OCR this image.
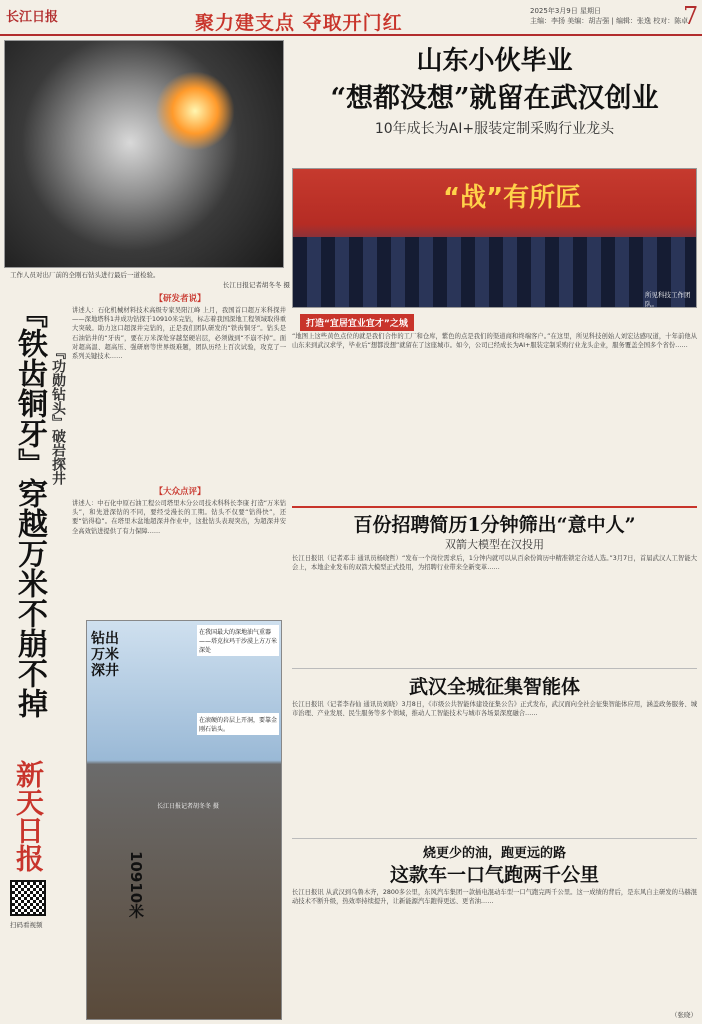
长江日报	聚力建支点 夺取开门红
2025年3月9日 星期日
主编：李扬 美编：胡吉强 | 编辑：张逸 校对：陈卓
7
工作人员对出厂前的全刚石钻头进行最后一道检验。
长江日报记者胡冬冬 摄
『铁齿铜牙』穿越万米不崩不掉 『功勋钻头』破岩探井
【研发者说】
讲述人：石化机械材料技术高级专家吴阳江峰 上月，我国首口超万米科探井——深地塔科1井成功钻探于10910米完钻，标志着我国深地工程领域取得重大突破。助力这口超深井完钻的，正是我们团队研发的“铁齿铜牙”。钻头是石油钻井的“牙齿”，要在万米深处穿越坚硬岩层，必须做到“不崩不掉”。面对超高温、超高压、强研磨等世界级难题，团队历经上百次试验，攻克了一系列关键技术……
【大众点评】
讲述人：中石化中原石油工程公司塔里木分公司技术科科长李康 打造“万米钻头”，和先进深钻的不同，要经受漫长的工期。钻头不仅要“钻得快”，还要“钻得稳”。在塔里木盆地超深井作业中，这批钻头表现突出，为超深井安全高效钻进提供了有力保障……
钻出万米深井
在我国最大的深地油气重器——塔克拉玛干沙漠上方万米深处
在滚硬的岩层上开洞，要靠金刚石钻头。
长江日报记者胡冬冬 摄
10910米
新天日报
扫码看视频
山东小伙毕业
“想都没想”就留在武汉创业
10年成长为AI+服装定制采购行业龙头
“战”有所匠
所见科技工作团队。
打造“宜居宜业宜才”之城
“地图上这些黄色点位的就是我们合作的工厂和仓库，紫色的点是我们的渠道商和终端客户。”在这里，所见科技创始人刘宏达感叹道，十年前他从山东来到武汉求学，毕业后“想都没想”就留在了这座城市。如今，公司已经成长为AI+服装定制采购行业龙头企业，服务覆盖全国多个省份……
百份招聘简历1分钟筛出“意中人”
双箭大模型在汉投用
长江日报讯（记者邓丰 通讯员杨晓哲）“发布一个岗位需求后，1分钟内就可以从百余份简历中精准锁定合适人选。”3月7日，首届武汉人工智能大会上，本地企业发布的双箭大模型正式投用，为招聘行业带来全新变革……
武汉全城征集智能体
长江日报讯（记者李春仙 通讯员刘晓）3月8日，《市级公共智能体建设征集公告》正式发布，武汉面向全社会征集智能体应用，涵盖政务服务、城市治理、产业发展、民生服务等多个领域，推动人工智能技术与城市各场景深度融合……
烧更少的油，跑更远的路
这款车一口气跑两千公里
长江日报讯 从武汉到乌鲁木齐，2800多公里，东风汽车集团一款插电混动车型一口气跑完两千公里。这一成绩的背后，是东风自主研发的马赫混动技术不断升级，热效率持续提升，让新能源汽车跑得更远、更省油……
（张晓）
